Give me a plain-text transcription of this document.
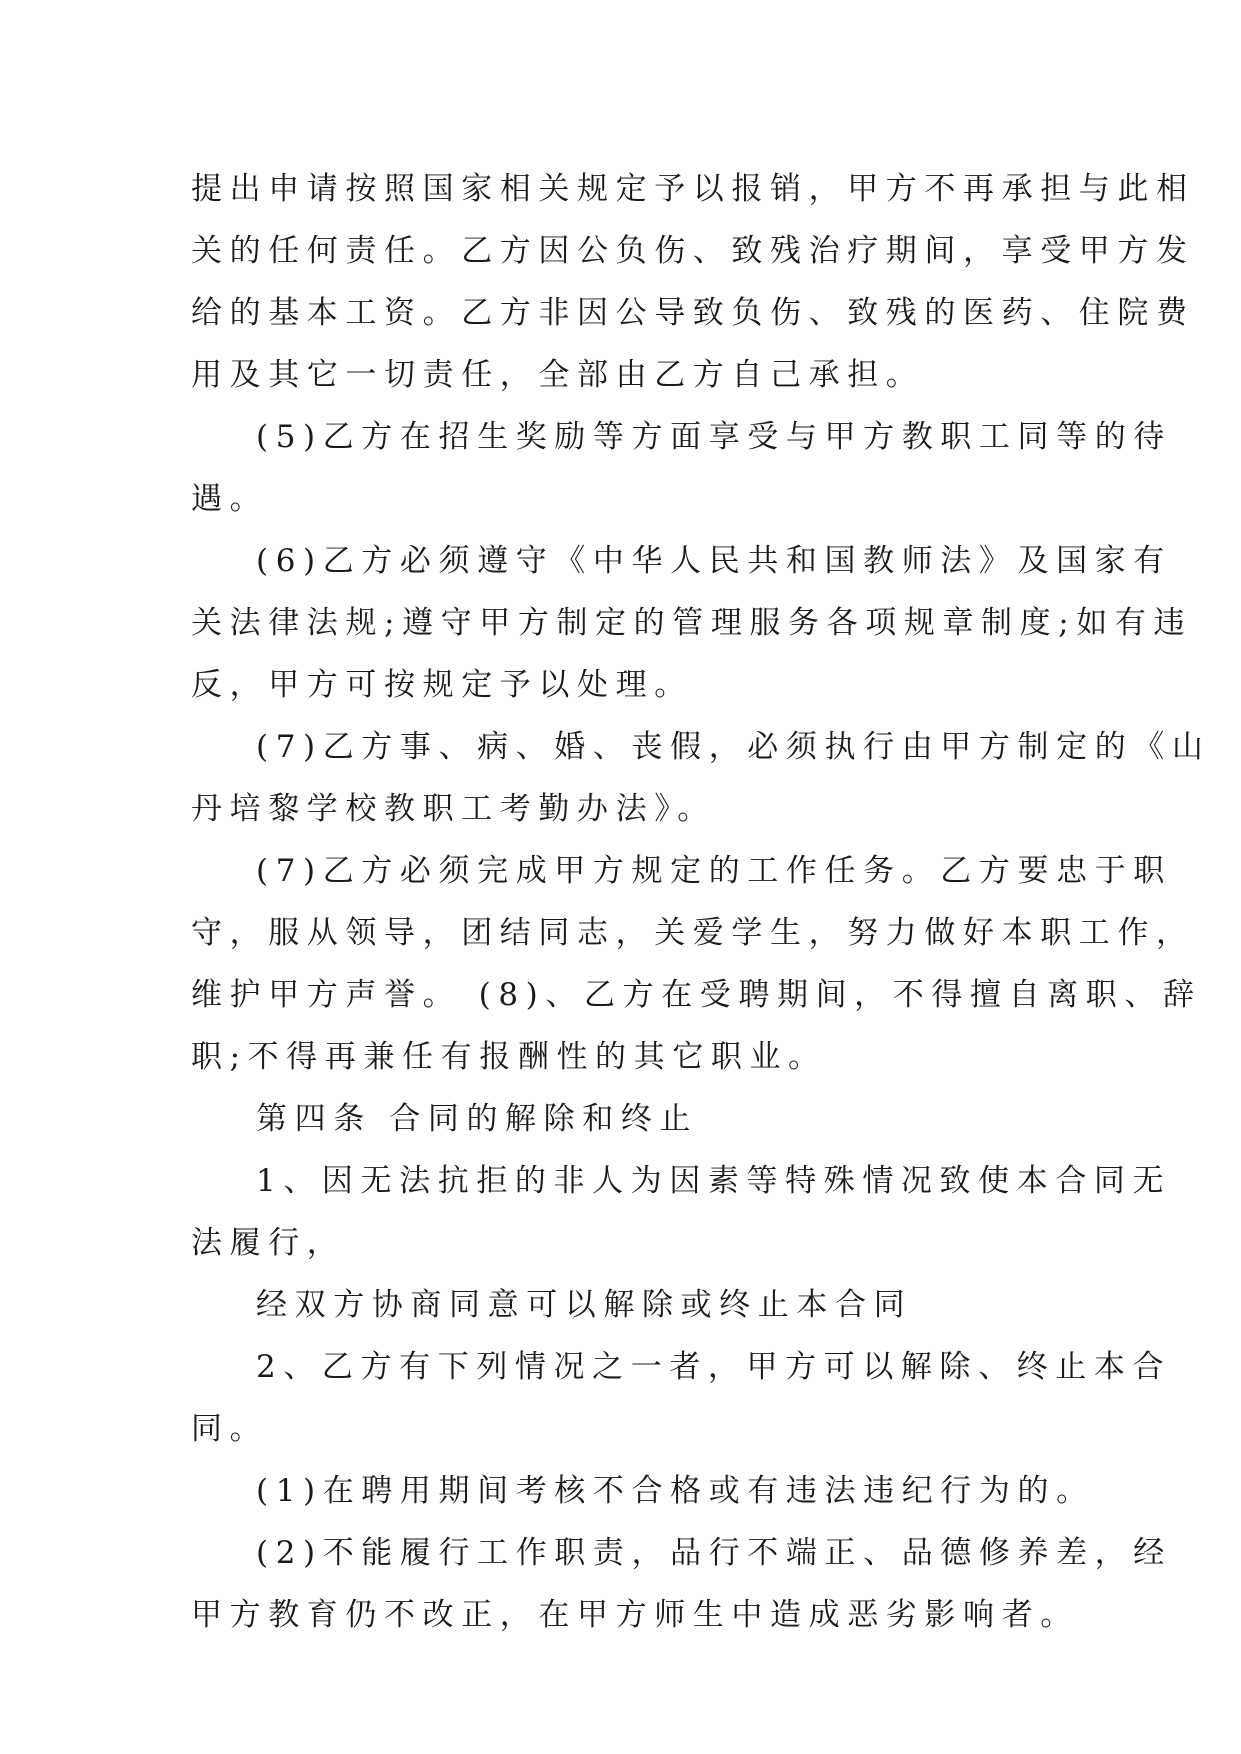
提出申请按照国家相关规定予以报销，甲方不再承担与此相
关的任何责任。乙方因公负伤、致残治疗期间，享受甲方发
给的基本工资。乙方非因公导致负伤、致残的医药、住院费
用及其它一切责任，全部由乙方自己承担。
(5)乙方在招生奖励等方面享受与甲方教职工同等的待
遇。
(6)乙方必须遵守《中华人民共和国教师法》及国家有
关法律法规;遵守甲方制定的管理服务各项规章制度;如有违
反，甲方可按规定予以处理。
(7)乙方事、病、婚、丧假，必须执行由甲方制定的《山
丹培黎学校教职工考勤办法》。
(7)乙方必须完成甲方规定的工作任务。乙方要忠于职
守，服从领导，团结同志，关爱学生，努力做好本职工作，
维护甲方声誉。 (8)、乙方在受聘期间，不得擅自离职、辞
职;不得再兼任有报酬性的其它职业。
第四条 合同的解除和终止
1、因无法抗拒的非人为因素等特殊情况致使本合同无
法履行，
经双方协商同意可以解除或终止本合同
2、乙方有下列情况之一者，甲方可以解除、终止本合
同。
(1)在聘用期间考核不合格或有违法违纪行为的。
(2)不能履行工作职责，品行不端正、品德修养差，经
甲方教育仍不改正，在甲方师生中造成恶劣影响者。
